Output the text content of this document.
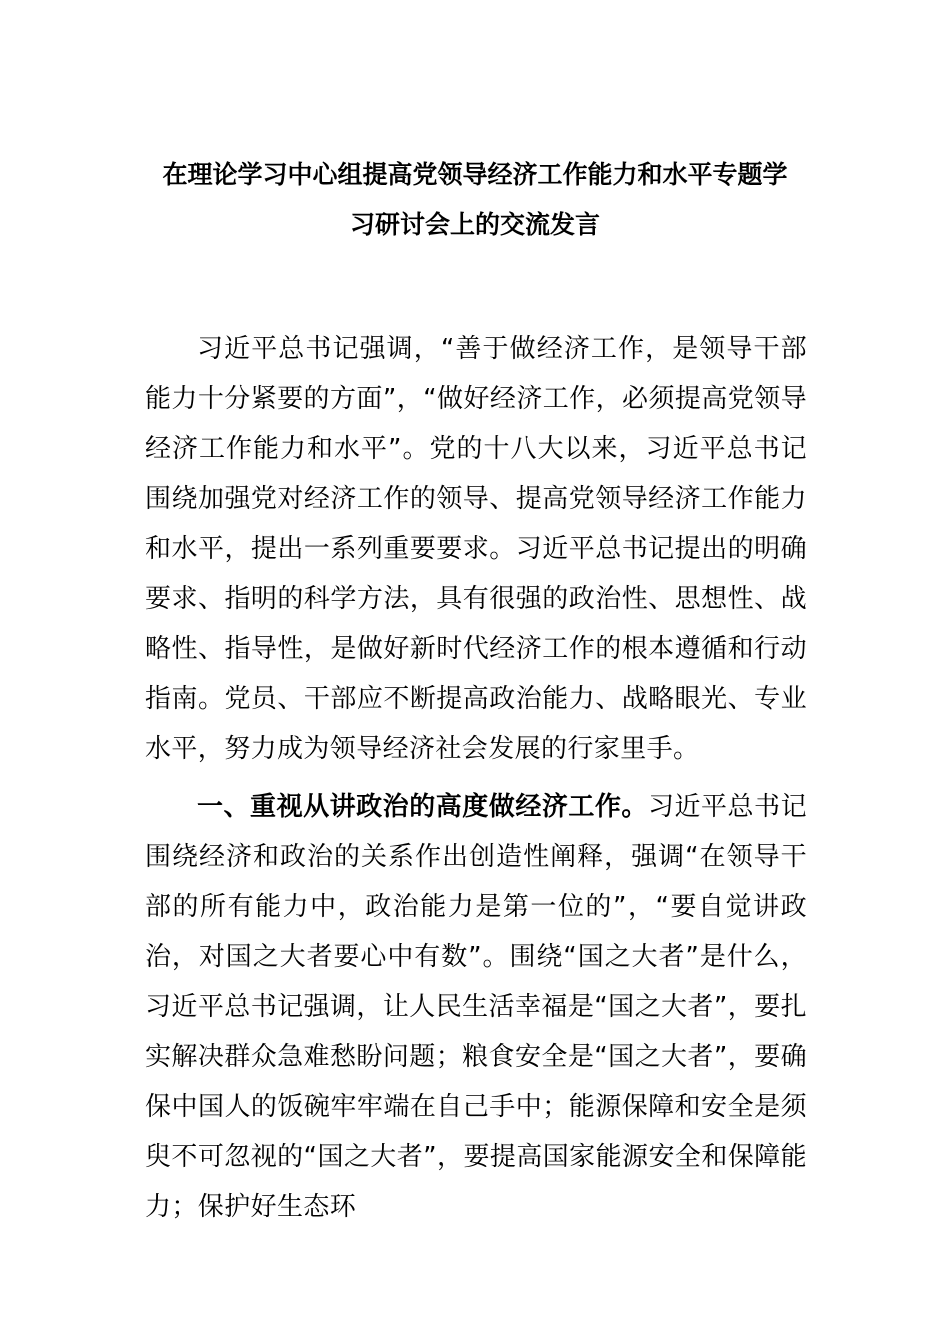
在理论学习中心组提高党领导经济工作能力和水平专题学
习研讨会上的交流发言

习近平总书记强调，“善于做经济工作，是领导干部能力十分紧要的方面”，“做好经济工作，必须提高党领导经济工作能力和水平”。党的十八大以来，习近平总书记围绕加强党对经济工作的领导、提高党领导经济工作能力和水平，提出一系列重要要求。习近平总书记提出的明确要求、指明的科学方法，具有很强的政治性、思想性、战略性、指导性，是做好新时代经济工作的根本遵循和行动指南。党员、干部应不断提高政治能力、战略眼光、专业水平，努力成为领导经济社会发展的行家里手。

一、重视从讲政治的高度做经济工作。习近平总书记围绕经济和政治的关系作出创造性阐释，强调“在领导干部的所有能力中，政治能力是第一位的”，“要自觉讲政治，对国之大者要心中有数”。围绕“国之大者”是什么，习近平总书记强调，让人民生活幸福是“国之大者”，要扎实解决群众急难愁盼问题；粮食安全是“国之大者”，要确保中国人的饭碗牢牢端在自己手中；能源保障和安全是须臾不可忽视的“国之大者”，要提高国家能源安全和保障能力；保护好生态环
